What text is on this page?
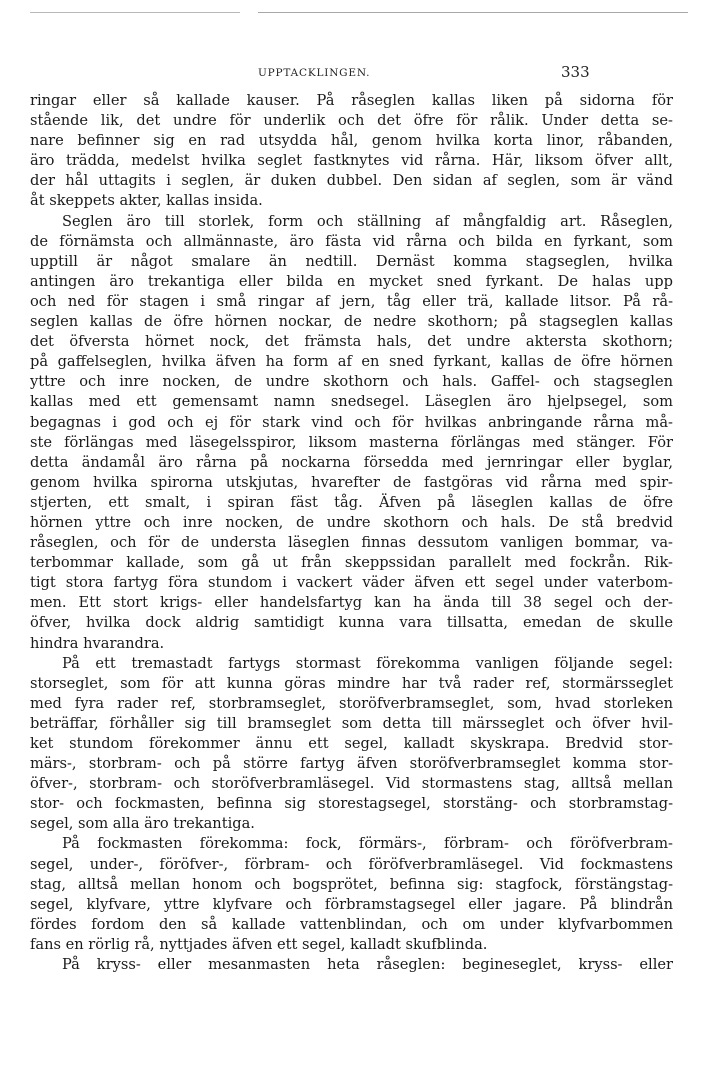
UPPTACKLINGEN.	333
ringar eller så kallade kauser. På råseglen kallas liken på sidorna för
stående lik, det undre för underlik och det öfre för rålik. Under detta se-
nare befinner sig en rad utsydda hål, genom hvilka korta linor, råbanden,
äro trädda, medelst hvilka seglet fastknytes vid rårna. Här, liksom öfver allt,
der hål uttagits i seglen, är duken dubbel. Den sidan af seglen, som är vänd
åt skeppets akter, kallas insida.
Seglen äro till storlek, form och ställning af mångfaldig art. Råseglen,
de förnämsta och allmännaste, äro fästa vid rårna och bilda en fyrkant, som
upptill är något smalare än nedtill. Dernäst komma stagseglen, hvilka
antingen äro trekantiga eller bilda en mycket sned fyrkant. De halas upp
och ned för stagen i små ringar af jern, tåg eller trä, kallade litsor. På rå-
seglen kallas de öfre hörnen nockar, de nedre skothorn; på stagseglen kallas
det öfversta hörnet nock, det främsta hals, det undre aktersta skothorn;
på gaffelseglen, hvilka äfven ha form af en sned fyrkant, kallas de öfre hörnen
yttre och inre nocken, de undre skothorn och hals. Gaffel- och stagseglen
kallas med ett gemensamt namn snedsegel. Läseglen äro hjelpsegel, som
begagnas i god och ej för stark vind och för hvilkas anbringande rårna må-
ste förlängas med läsegelsspiror, liksom masterna förlängas med stänger. För
detta ändamål äro rårna på nockarna försedda med jernringar eller byglar,
genom hvilka spirorna utskjutas, hvarefter de fastgöras vid rårna med spir-
stjerten, ett smalt, i spiran fäst tåg. Äfven på läseglen kallas de öfre
hörnen yttre och inre nocken, de undre skothorn och hals. De stå bredvid
råseglen, och för de understa läseglen finnas dessutom vanligen bommar, va-
terbommar kallade, som gå ut från skeppssidan parallelt med fockrån. Rik-
tigt stora fartyg föra stundom i vackert väder äfven ett segel under vaterbom-
men. Ett stort krigs- eller handelsfartyg kan ha ända till 38 segel och der-
öfver, hvilka dock aldrig samtidigt kunna vara tillsatta, emedan de skulle
hindra hvarandra.
På ett tremastadt fartygs stormast förekomma vanligen följande segel:
storseglet, som för att kunna göras mindre har två rader ref, stormärsseglet
med fyra rader ref, storbramseglet, storöfverbramseglet, som, hvad storleken
beträffar, förhåller sig till bramseglet som detta till märsseglet och öfver hvil-
ket stundom förekommer ännu ett segel, kalladt skyskrapa. Bredvid stor-
märs-, storbram- och på större fartyg äfven storöfverbramseglet komma stor-
öfver-, storbram- och storöfverbramläsegel. Vid stormastens stag, alltså mellan
stor- och fockmasten, befinna sig storestagsegel, storstäng- och storbramstag-
segel, som alla äro trekantiga.
På fockmasten förekomma: fock, förmärs-, förbram- och föröfverbram-
segel, under-, föröfver-, förbram- och föröfverbramläsegel. Vid fockmastens
stag, alltså mellan honom och bogsprötet, befinna sig: stagfock, förstängstag-
segel, klyfvare, yttre klyfvare och förbramstagsegel eller jagare. På blindrån
fördes fordom den så kallade vattenblindan, och om under klyfvarbommen
fans en rörlig rå, nyttjades äfven ett segel, kalladt skufblinda.
På kryss- eller mesanmasten heta råseglen: begineseglet, kryss- eller
